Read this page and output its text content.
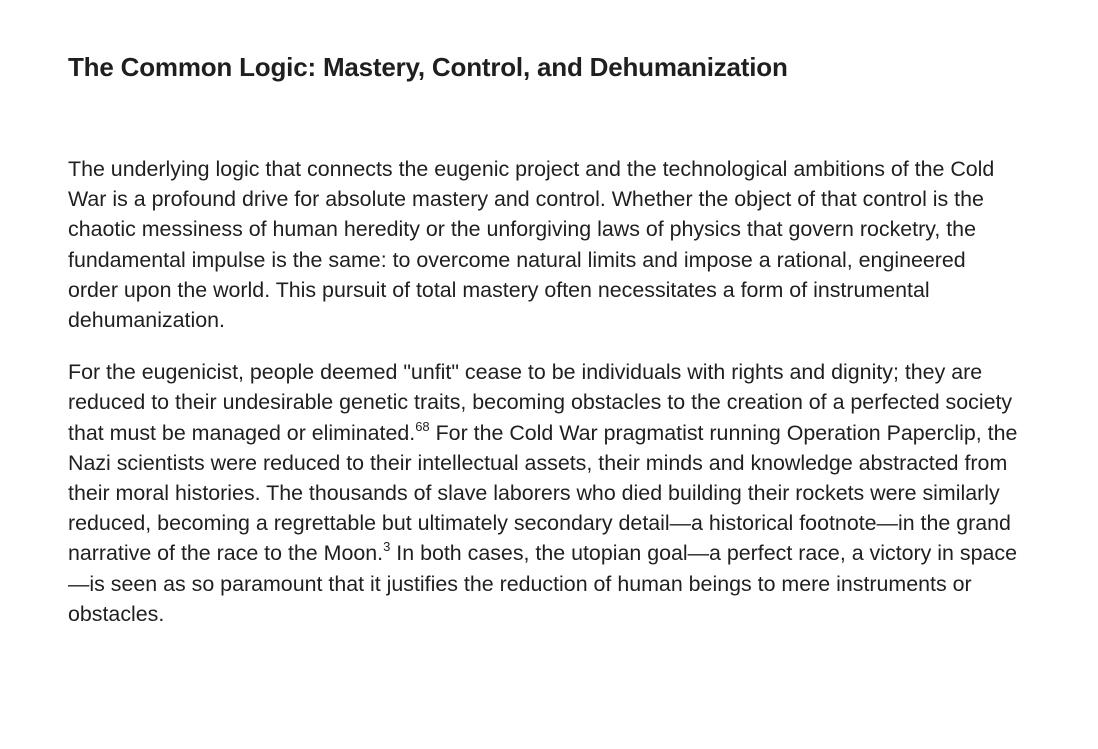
The Common Logic: Mastery, Control, and Dehumanization

The underlying logic that connects the eugenic project and the technological ambitions of the Cold War is a profound drive for absolute mastery and control. Whether the object of that control is the chaotic messiness of human heredity or the unforgiving laws of physics that govern rocketry, the fundamental impulse is the same: to overcome natural limits and impose a rational, engineered order upon the world. This pursuit of total mastery often necessitates a form of instrumental dehumanization.

For the eugenicist, people deemed "unfit" cease to be individuals with rights and dignity; they are reduced to their undesirable genetic traits, becoming obstacles to the creation of a perfected society that must be managed or eliminated.$^{68}$ For the Cold War pragmatist running Operation Paperclip, the Nazi scientists were reduced to their intellectual assets, their minds and knowledge abstracted from their moral histories. The thousands of slave laborers who died building their rockets were similarly reduced, becoming a regrettable but ultimately secondary detail—a historical footnote—in the grand narrative of the race to the Moon.$^3$ In both cases, the utopian goal—a perfect race, a victory in space—is seen as so paramount that it justifies the reduction of human beings to mere instruments or obstacles.
